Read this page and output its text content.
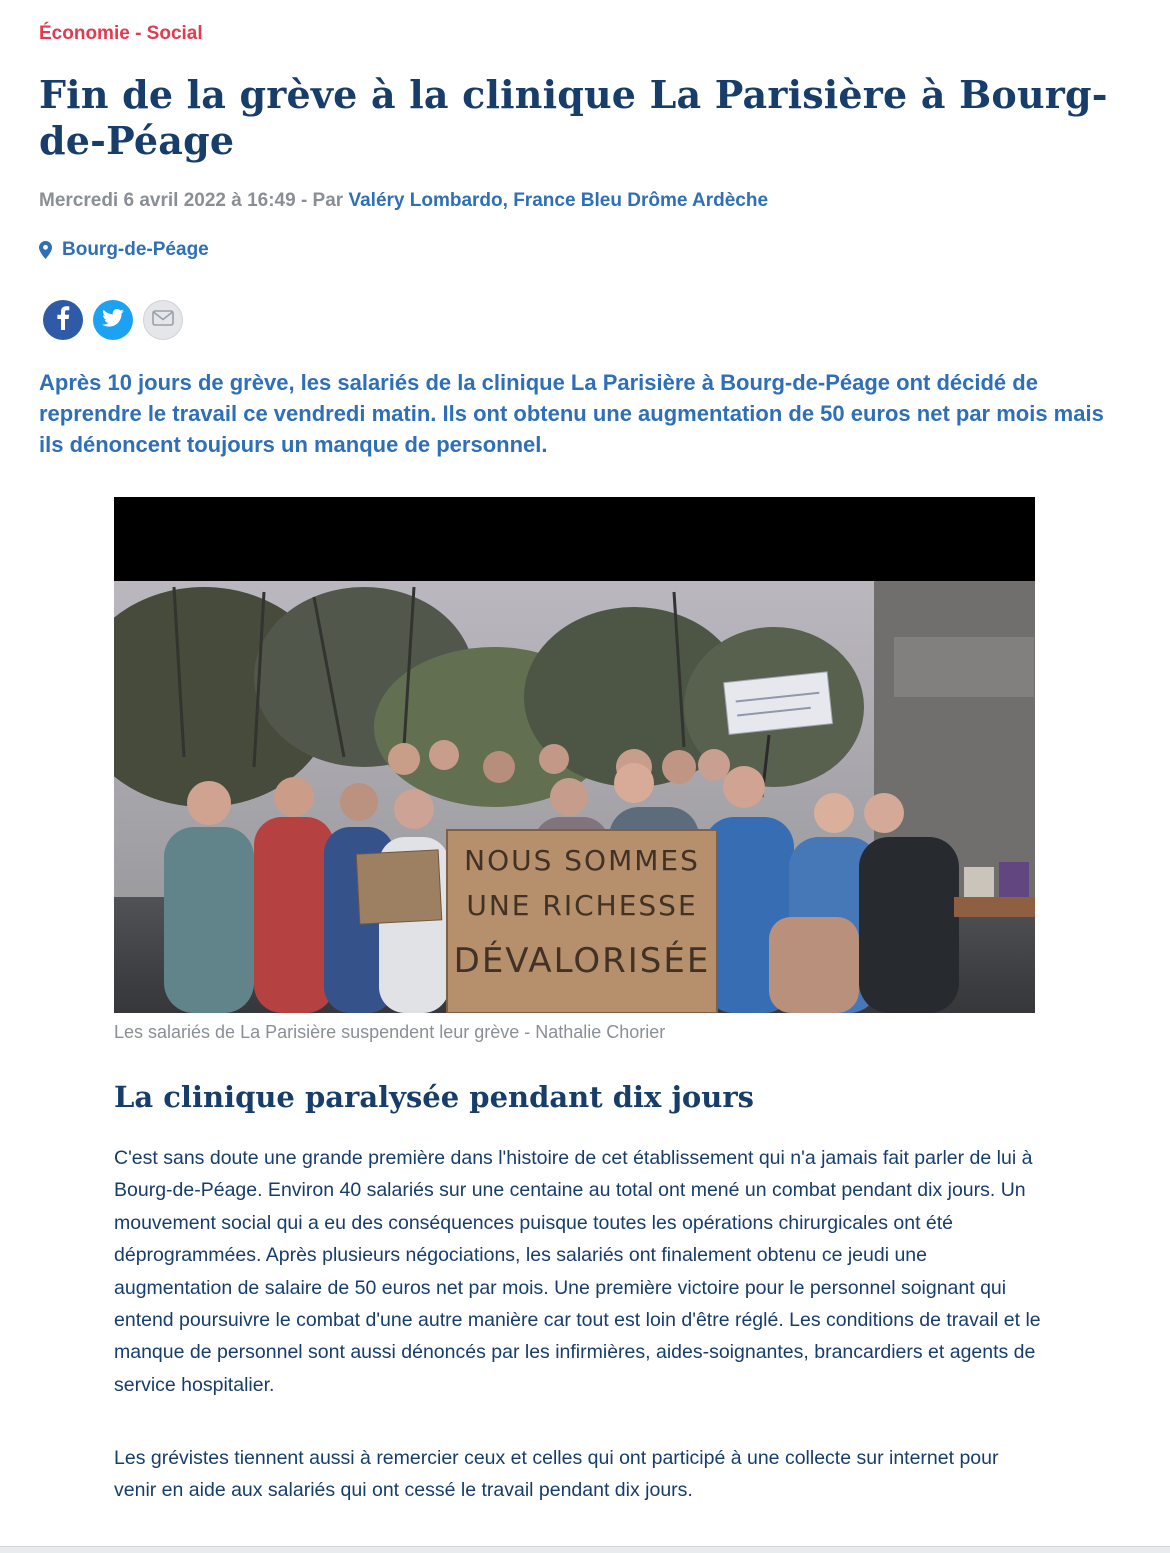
Économie - Social
Fin de la grève à la clinique La Parisière à Bourg-de-Péage
Mercredi 6 avril 2022 à 16:49 - Par Valéry Lombardo, France Bleu Drôme Ardèche
Bourg-de-Péage

Après 10 jours de grève, les salariés de la clinique La Parisière à Bourg-de-Péage ont décidé de reprendre le travail ce vendredi matin. Ils ont obtenu une augmentation de 50 euros net par mois mais ils dénoncent toujours un manque de personnel.

NOUS SOMMES
UNE RICHESSE
DÉVALORISÉE
Les salariés de La Parisière suspendent leur grève - Nathalie Chorier
La clinique paralysée pendant dix jours

C'est sans doute une grande première dans l'histoire de cet établissement qui n'a jamais fait parler de lui à Bourg-de-Péage. Environ 40 salariés sur une centaine au total ont mené un combat pendant dix jours. Un mouvement social qui a eu des conséquences puisque toutes les opérations chirurgicales ont été déprogrammées. Après plusieurs négociations, les salariés ont finalement obtenu ce jeudi une augmentation de salaire de 50 euros net par mois. Une première victoire pour le personnel soignant qui entend poursuivre le combat d'une autre manière car tout est loin d'être réglé. Les conditions de travail et le manque de personnel sont aussi dénoncés par les infirmières, aides-soignantes, brancardiers et agents de service hospitalier.

Les grévistes tiennent aussi à remercier ceux et celles qui ont participé à une collecte sur internet pour venir en aide aux salariés qui ont cessé le travail pendant dix jours.
